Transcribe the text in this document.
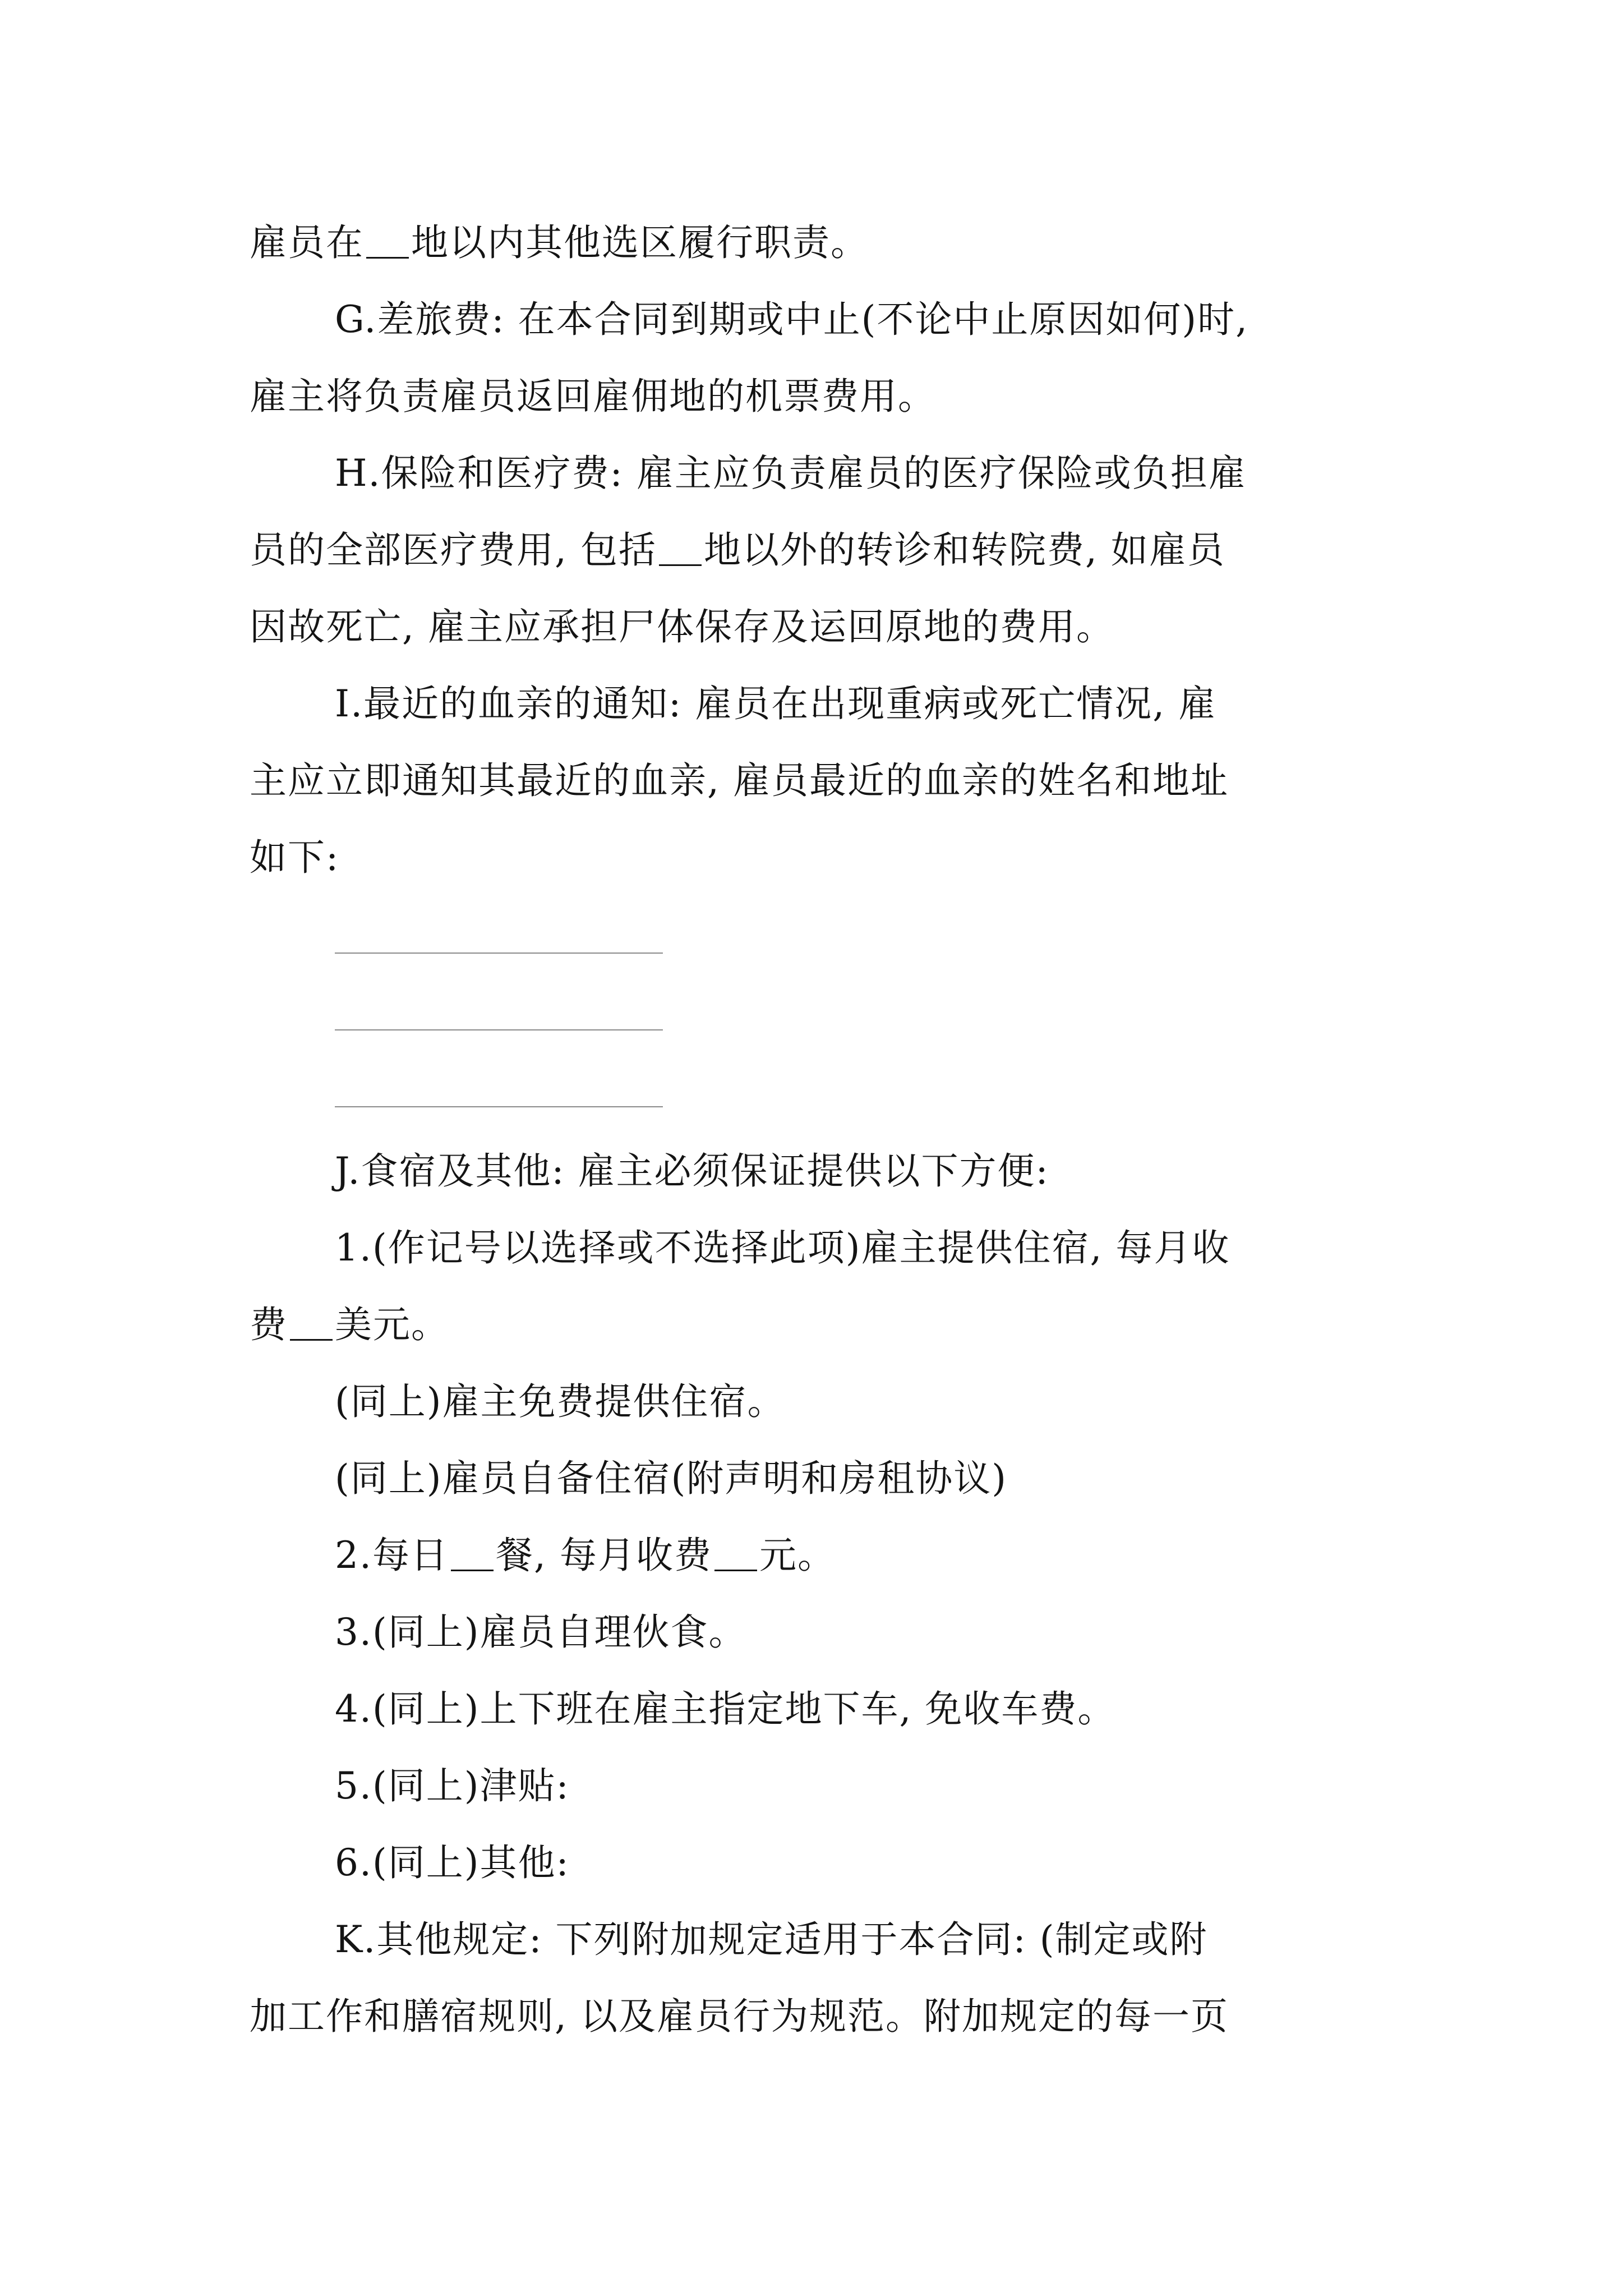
雇员在 地以内其他选区履行职责。
G.差旅费: 在本合同到期或中止(不论中止原因如何)时,
雇主将负责雇员返回雇佣地的机票费用。
H.保险和医疗费: 雇主应负责雇员的医疗保险或负担雇
员的全部医疗费用, 包括 地以外的转诊和转院费, 如雇员
因故死亡, 雇主应承担尸体保存及运回原地的费用。
I.最近的血亲的通知: 雇员在出现重病或死亡情况, 雇
主应立即通知其最近的血亲, 雇员最近的血亲的姓名和地址
如下:
J.食宿及其他: 雇主必须保证提供以下方便:
1.(作记号以选择或不选择此项)雇主提供住宿, 每月收
费 美元。
(同上)雇主免费提供住宿。
(同上)雇员自备住宿(附声明和房租协议)
2.每日 餐, 每月收费 元。
3.(同上)雇员自理伙食。
4.(同上)上下班在雇主指定地下车, 免收车费。
5.(同上)津贴:
6.(同上)其他:
K.其他规定: 下列附加规定适用于本合同: (制定或附
加工作和膳宿规则, 以及雇员行为规范。附加规定的每一页
